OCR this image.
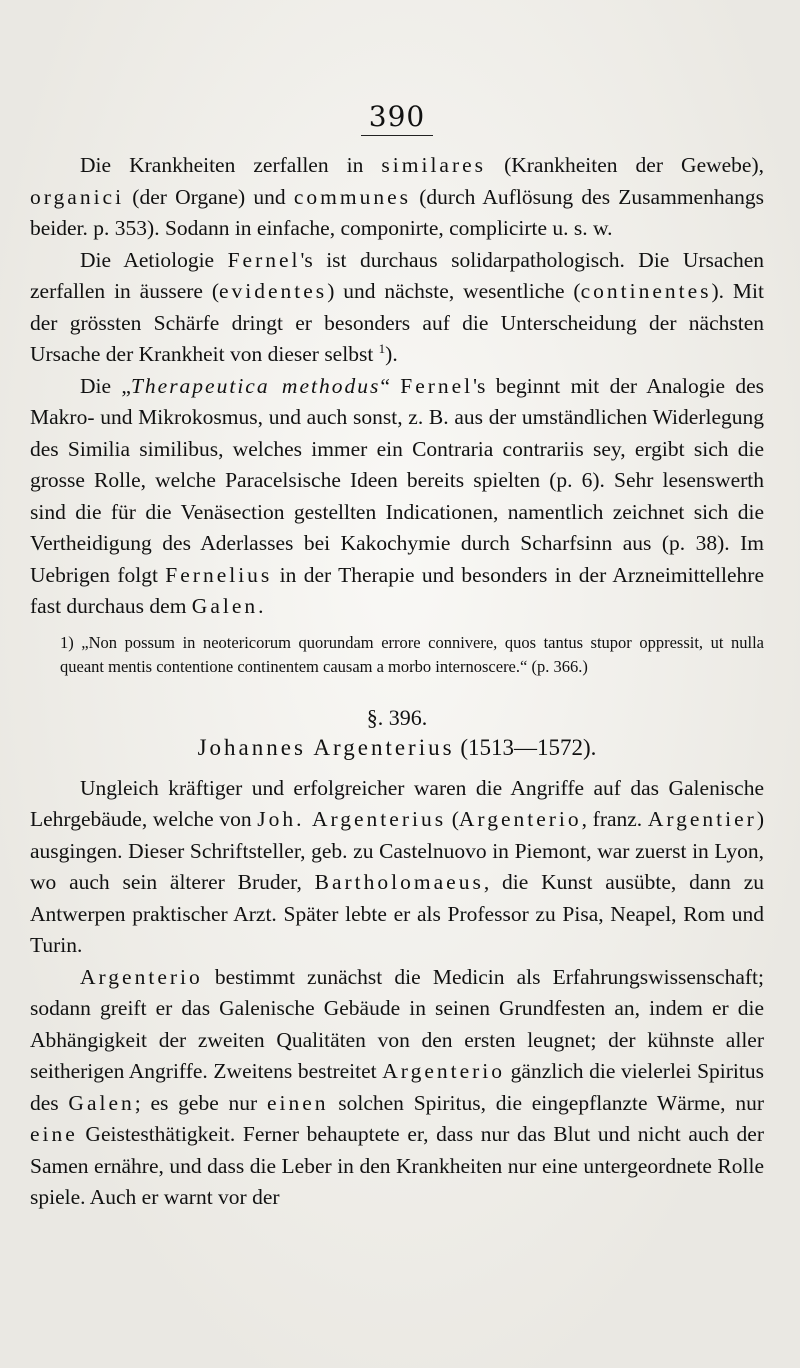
390

Die Krankheiten zerfallen in similares (Krankheiten der Gewebe), organici (der Organe) und communes (durch Auflösung des Zusammenhangs beider. p. 353). Sodann in einfache, componirte, complicirte u. s. w.

Die Aetiologie Fernel's ist durchaus solidarpathologisch. Die Ursachen zerfallen in äussere (evidentes) und nächste, wesentliche (continentes). Mit der grössten Schärfe dringt er besonders auf die Unterscheidung der nächsten Ursache der Krankheit von dieser selbst $^1$).

Die „Therapeutica methodus“ Fernel's beginnt mit der Analogie des Makro- und Mikrokosmus, und auch sonst, z. B. aus der umständlichen Widerlegung des Similia similibus, welches immer ein Contraria contrariis sey, ergibt sich die grosse Rolle, welche Paracelsische Ideen bereits spielten (p. 6). Sehr lesenswerth sind die für die Venäsection gestellten Indicationen, namentlich zeichnet sich die Vertheidigung des Aderlasses bei Kakochymie durch Scharfsinn aus (p. 38). Im Uebrigen folgt Fernelius in der Therapie und besonders in der Arzneimittellehre fast durchaus dem Galen.

1) „Non possum in neotericorum quorundam errore connivere, quos tantus stupor oppressit, ut nulla queant mentis contentione continentem causam a morbo internoscere.“ (p. 366.)
§. 396.
Johannes Argenterius (1513—1572).

Ungleich kräftiger und erfolgreicher waren die Angriffe auf das Galenische Lehrgebäude, welche von Joh. Argenterius (Argenterio, franz. Argentier) ausgingen. Dieser Schriftsteller, geb. zu Castelnuovo in Piemont, war zuerst in Lyon, wo auch sein älterer Bruder, Bartholomaeus, die Kunst ausübte, dann zu Antwerpen praktischer Arzt. Später lebte er als Professor zu Pisa, Neapel, Rom und Turin.

Argenterio bestimmt zunächst die Medicin als Erfahrungswissenschaft; sodann greift er das Galenische Gebäude in seinen Grundfesten an, indem er die Abhängigkeit der zweiten Qualitäten von den ersten leugnet; der kühnste aller seitherigen Angriffe. Zweitens bestreitet Argenterio gänzlich die vielerlei Spiritus des Galen; es gebe nur einen solchen Spiritus, die eingepflanzte Wärme, nur eine Geistesthätigkeit. Ferner behauptete er, dass nur das Blut und nicht auch der Samen ernähre, und dass die Leber in den Krankheiten nur eine untergeordnete Rolle spiele. Auch er warnt vor der
